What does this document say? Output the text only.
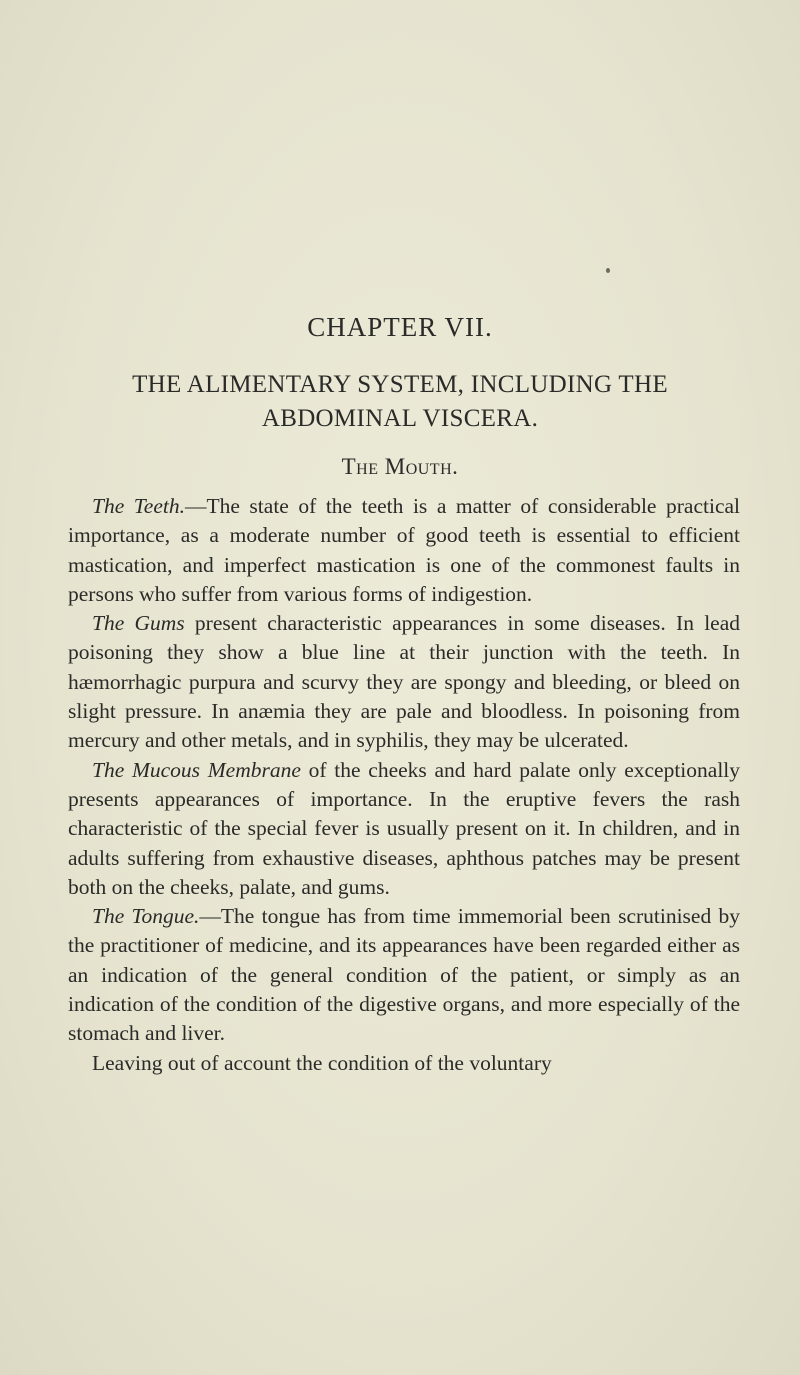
CHAPTER VII.
THE ALIMENTARY SYSTEM, INCLUDING THE
ABDOMINAL VISCERA.
The Mouth.

The Teeth.—The state of the teeth is a matter of considerable practical importance, as a moderate number of good teeth is essential to efficient mastication, and imperfect mastication is one of the commonest faults in persons who suffer from various forms of indigestion.

The Gums present characteristic appearances in some diseases. In lead poisoning they show a blue line at their junction with the teeth. In hæmorrhagic purpura and scurvy they are spongy and bleeding, or bleed on slight pressure. In anæmia they are pale and bloodless. In poisoning from mercury and other metals, and in syphilis, they may be ulcerated.

The Mucous Membrane of the cheeks and hard palate only exceptionally presents appearances of importance. In the eruptive fevers the rash characteristic of the special fever is usually present on it. In children, and in adults suffering from exhaustive diseases, aphthous patches may be present both on the cheeks, palate, and gums.

The Tongue.—The tongue has from time immemorial been scrutinised by the practitioner of medicine, and its appearances have been regarded either as an indication of the general condition of the patient, or simply as an indication of the condition of the digestive organs, and more especially of the stomach and liver.

Leaving out of account the condition of the voluntary
